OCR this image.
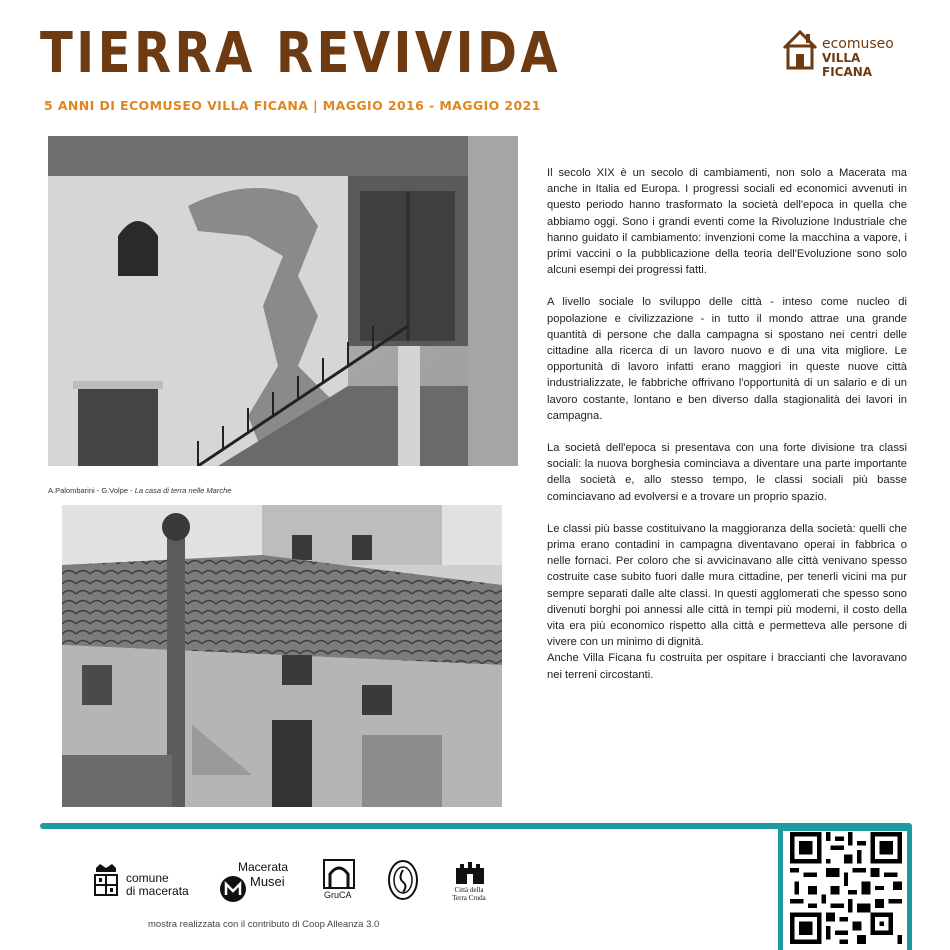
TIERRA REVIVIDA
5 ANNI DI ECOMUSEO VILLA FICANA | MAGGIO 2016 - MAGGIO 2021
ecomuseo
VILLA FICANA
A.Palombarini - G.Volpe - La casa di terra nelle Marche

Il secolo XIX è un secolo di cambiamenti, non solo a Macerata ma anche in Italia ed Europa. I progressi sociali ed economici avvenuti in questo periodo hanno trasformato la società dell'epoca in quella che abbiamo oggi. Sono i grandi eventi come la Rivoluzione Industriale che hanno guidato il cambiamento: invenzioni come la macchina a vapore, i primi vaccini o la pubblicazione della teoria dell'Evoluzione sono solo alcuni esempi dei progressi fatti.

A livello sociale lo sviluppo delle città - inteso come nucleo di popolazione e civilizzazione - in tutto il mondo attrae una grande quantità di persone che dalla campagna si spostano nei centri delle cittadine alla ricerca di un lavoro nuovo e di una vita migliore. Le opportunità di lavoro infatti erano maggiori in queste nuove città industrializzate, le fabbriche offrivano l'opportunità di un salario e di un lavoro costante, lontano e ben diverso dalla stagionalità dei lavori in campagna.

La società dell'epoca si presentava con una forte divisione tra classi sociali: la nuova borghesia cominciava a diventare una parte importante della società e, allo stesso tempo, le classi sociali più basse cominciavano ad evolversi e a trovare un proprio spazio.

Le classi più basse costituivano la maggioranza della società: quelli che prima erano contadini in campagna diventavano operai in fabbrica o nelle fornaci. Per coloro che si avvicinavano alle città venivano spesso costruite case subito fuori dalle mura cittadine, per tenerli vicini ma pur sempre separati dalle alte classi. In questi agglomerati che spesso sono divenuti borghi poi annessi alle città in tempi più moderni, il costo della vita era più economico rispetto alla città e permetteva alle persone di vivere con un minimo di dignità.

Anche Villa Ficana fu costruita per ospitare i braccianti che lavoravano nei terreni circostanti.

comune
di macerata
Macerata
Musei
GruCA	Città della
Terra Cruda
mostra realizzata con il contributo di Coop Alleanza 3.0
